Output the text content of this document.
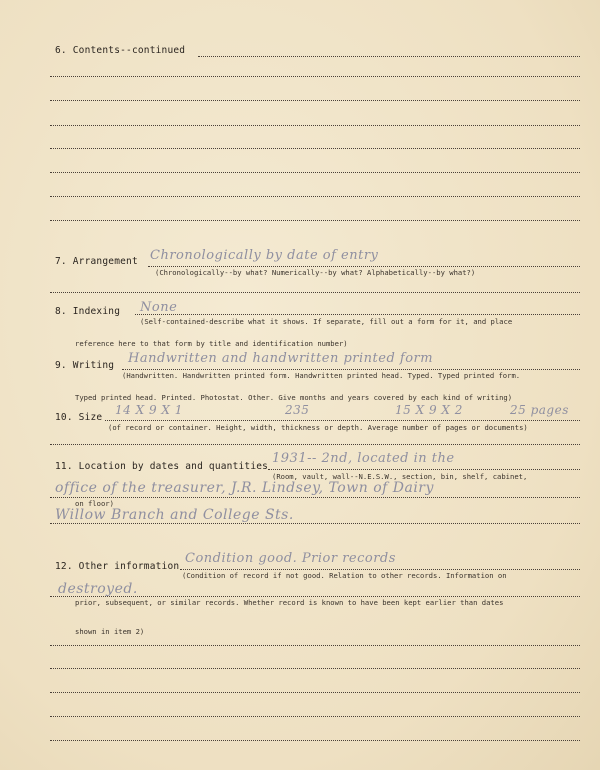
6. Contents--continued
7. Arrangement Chronologically by date of entry
(Chronologically--by what? Numerically--by what? Alphabetically--by what?)
8. Indexing None
(Self-contained-describe what it shows. If separate, fill out a form for it, and place
reference here to that form by title and identification number)
9. Writing Handwritten and handwritten printed form
(Handwritten. Handwritten printed form. Handwritten printed head. Typed. Typed printed form.
Typed printed head. Printed. Photostat. Other. Give months and years covered by each kind of writing)
10. Size
14 X 9 X 1	235	15 X 9 X 2	25 pages
(of record or container. Height, width, thickness or depth. Average number of pages or documents)
11. Location by dates and quantities
1931-- 2nd, located in the
(Room, vault, wall--N.E.S.W., section, bin, shelf, cabinet,
office of the treasurer, J.R. Lindsey, Town of Dairy
on floor)
Willow Branch and College Sts.
12. Other information
Condition good. Prior records
(Condition of record if not good. Relation to other records. Information on
destroyed.
prior, subsequent, or similar records. Whether record is known to have been kept earlier than dates
shown in item 2)
